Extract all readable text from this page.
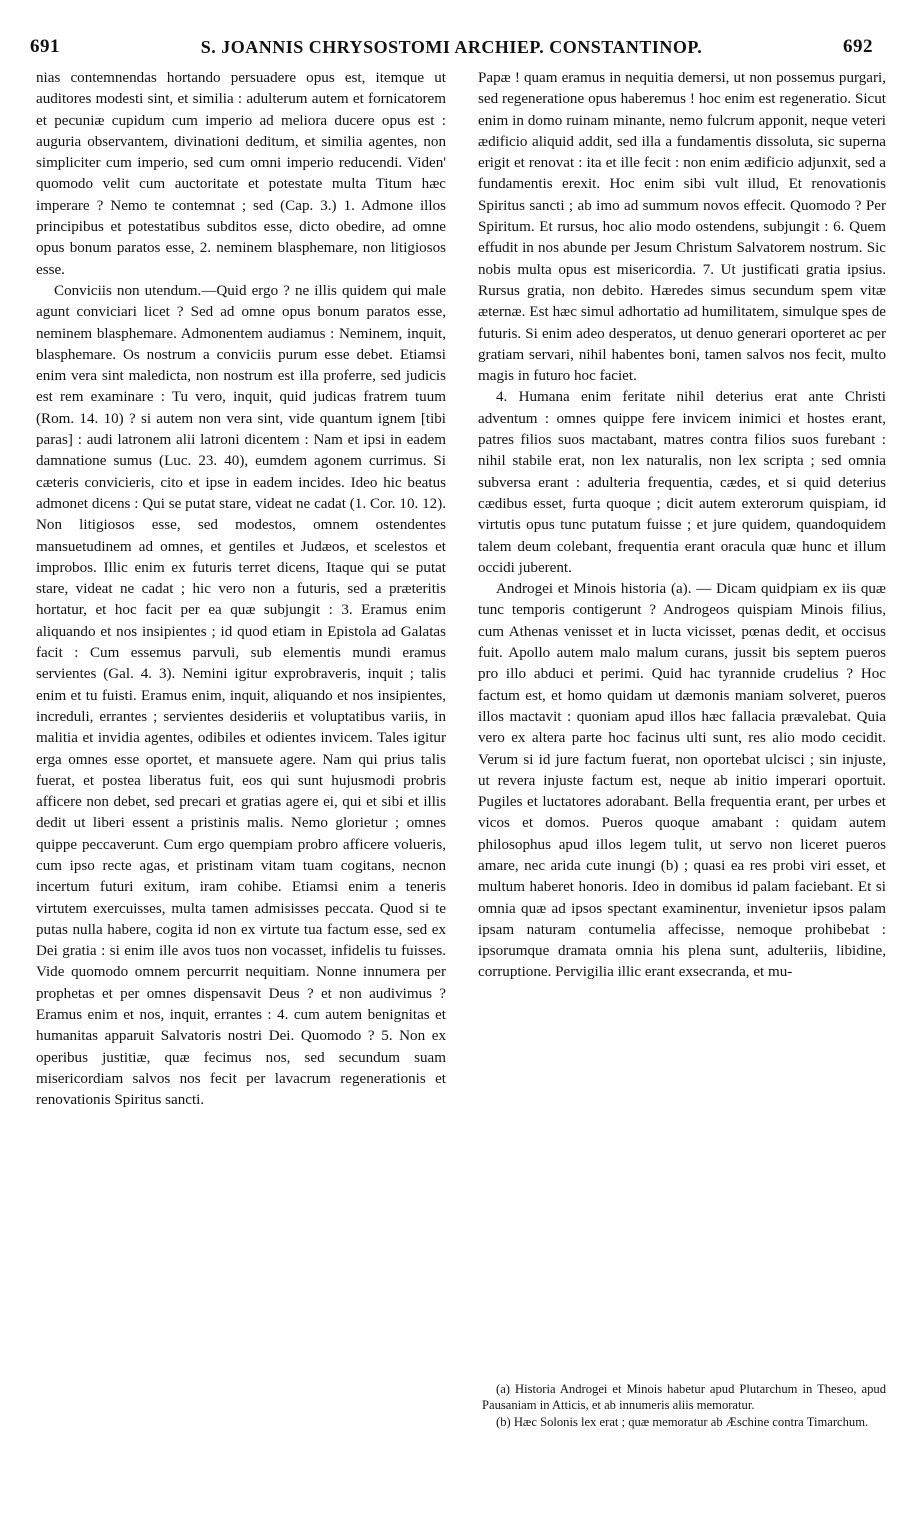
691	S. JOANNIS CHRYSOSTOMI ARCHIEP. CONSTANTINOP.	692

nias contemnendas hortando persuadere opus est, itemque ut auditores modesti sint, et similia : adulterum autem et fornicatorem et pecuniæ cupidum cum imperio ad meliora ducere opus est : auguria observantem, divinationi deditum, et similia agentes, non simpliciter cum imperio, sed cum omni imperio reducendi. Viden' quomodo velit cum auctoritate et potestate multa Titum hæc imperare ? Nemo te contemnat ; sed (Cap. 3.) 1. Admone illos principibus et potestatibus subditos esse, dicto obedire, ad omne opus bonum paratos esse, 2. neminem blasphemare, non litigiosos esse.

Conviciis non utendum.—Quid ergo ? ne illis quidem qui male agunt conviciari licet ? Sed ad omne opus bonum paratos esse, neminem blasphemare. Admonentem audiamus : Neminem, inquit, blasphemare. Os nostrum a conviciis purum esse debet. Etiamsi enim vera sint maledicta, non nostrum est illa proferre, sed judicis est rem examinare : Tu vero, inquit, quid judicas fratrem tuum (Rom. 14. 10) ? si autem non vera sint, vide quantum ignem [tibi paras] : audi latronem alii latroni dicentem : Nam et ipsi in eadem damnatione sumus (Luc. 23. 40), eumdem agonem currimus. Si cæteris convicieris, cito et ipse in eadem incides. Ideo hic beatus admonet dicens : Qui se putat stare, videat ne cadat (1. Cor. 10. 12). Non litigiosos esse, sed modestos, omnem ostendentes mansuetudinem ad omnes, et gentiles et Judæos, et scelestos et improbos. Illic enim ex futuris terret dicens, Itaque qui se putat stare, videat ne cadat ; hic vero non a futuris, sed a præteritis hortatur, et hoc facit per ea quæ subjungit : 3. Eramus enim aliquando et nos insipientes ; id quod etiam in Epistola ad Galatas facit : Cum essemus parvuli, sub elementis mundi eramus servientes (Gal. 4. 3). Nemini igitur exprobraveris, inquit ; talis enim et tu fuisti. Eramus enim, inquit, aliquando et nos insipientes, increduli, errantes ; servientes desideriis et voluptatibus variis, in malitia et invidia agentes, odibiles et odientes invicem. Tales igitur erga omnes esse oportet, et mansuete agere. Nam qui prius talis fuerat, et postea liberatus fuit, eos qui sunt hujusmodi probris afficere non debet, sed precari et gratias agere ei, qui et sibi et illis dedit ut liberi essent a pristinis malis. Nemo glorietur ; omnes quippe peccaverunt. Cum ergo quempiam probro afficere volueris, cum ipso recte agas, et pristinam vitam tuam cogitans, necnon incertum futuri exitum, iram cohibe. Etiamsi enim a teneris virtutem exercuisses, multa tamen admisisses peccata. Quod si te putas nulla habere, cogita id non ex virtute tua factum esse, sed ex Dei gratia : si enim ille avos tuos non vocasset, infidelis tu fuisses. Vide quomodo omnem percurrit nequitiam. Nonne innumera per prophetas et per omnes dispensavit Deus ? et non audivimus ? Eramus enim et nos, inquit, errantes : 4. cum autem benignitas et humanitas apparuit Salvatoris nostri Dei. Quomodo ? 5. Non ex operibus justitiæ, quæ fecimus nos, sed secundum suam misericordiam salvos nos fecit per lavacrum regenerationis et renovationis Spiritus sancti.

Papæ ! quam eramus in nequitia demersi, ut non possemus purgari, sed regeneratione opus haberemus ! hoc enim est regeneratio. Sicut enim in domo ruinam minante, nemo fulcrum apponit, neque veteri ædificio aliquid addit, sed illa a fundamentis dissoluta, sic superna erigit et renovat : ita et ille fecit : non enim ædificio adjunxit, sed a fundamentis erexit. Hoc enim sibi vult illud, Et renovationis Spiritus sancti ; ab imo ad summum novos effecit. Quomodo ? Per Spiritum. Et rursus, hoc alio modo ostendens, subjungit : 6. Quem effudit in nos abunde per Jesum Christum Salvatorem nostrum. Sic nobis multa opus est misericordia. 7. Ut justificati gratia ipsius. Rursus gratia, non debito. Hæredes simus secundum spem vitæ æternæ. Est hæc simul adhortatio ad humilitatem, simulque spes de futuris. Si enim adeo desperatos, ut denuo generari oporteret ac per gratiam servari, nihil habentes boni, tamen salvos nos fecit, multo magis in futuro hoc faciet.

4. Humana enim feritate nihil deterius erat ante Christi adventum : omnes quippe fere invicem inimici et hostes erant, patres filios suos mactabant, matres contra filios suos furebant : nihil stabile erat, non lex naturalis, non lex scripta ; sed omnia subversa erant : adulteria frequentia, cædes, et si quid deterius cædibus esset, furta quoque ; dicit autem exterorum quispiam, id virtutis opus tunc putatum fuisse ; et jure quidem, quandoquidem talem deum colebant, frequentia erant oracula quæ hunc et illum occidi juberent.

Androgei et Minois historia (a). — Dicam quidpiam ex iis quæ tunc temporis contigerunt ? Androgeos quispiam Minois filius, cum Athenas venisset et in lucta vicisset, pœnas dedit, et occisus fuit. Apollo autem malo malum curans, jussit bis septem pueros pro illo abduci et perimi. Quid hac tyrannide crudelius ? Hoc factum est, et homo quidam ut dæmonis maniam solveret, pueros illos mactavit : quoniam apud illos hæc fallacia prævalebat. Quia vero ex altera parte hoc facinus ulti sunt, res alio modo cecidit. Verum si id jure factum fuerat, non oportebat ulcisci ; sin injuste, ut revera injuste factum est, neque ab initio imperari oportuit. Pugiles et luctatores adorabant. Bella frequentia erant, per urbes et vicos et domos. Pueros quoque amabant : quidam autem philosophus apud illos legem tulit, ut servo non liceret pueros amare, nec arida cute inungi (b) ; quasi ea res probi viri esset, et multum haberet honoris. Ideo in domibus id palam faciebant. Et si omnia quæ ad ipsos spectant examinentur, invenietur ipsos palam ipsam naturam contumelia affecisse, nemoque prohibebat : ipsorumque dramata omnia his plena sunt, adulteriis, libidine, corruptione. Pervigilia illic erant exsecranda, et mu-

(a) Historia Androgei et Minois habetur apud Plutarchum in Theseo, apud Pausaniam in Atticis, et ab innumeris aliis memoratur.

(b) Hæc Solonis lex erat ; quæ memoratur ab Æschine contra Timarchum.
